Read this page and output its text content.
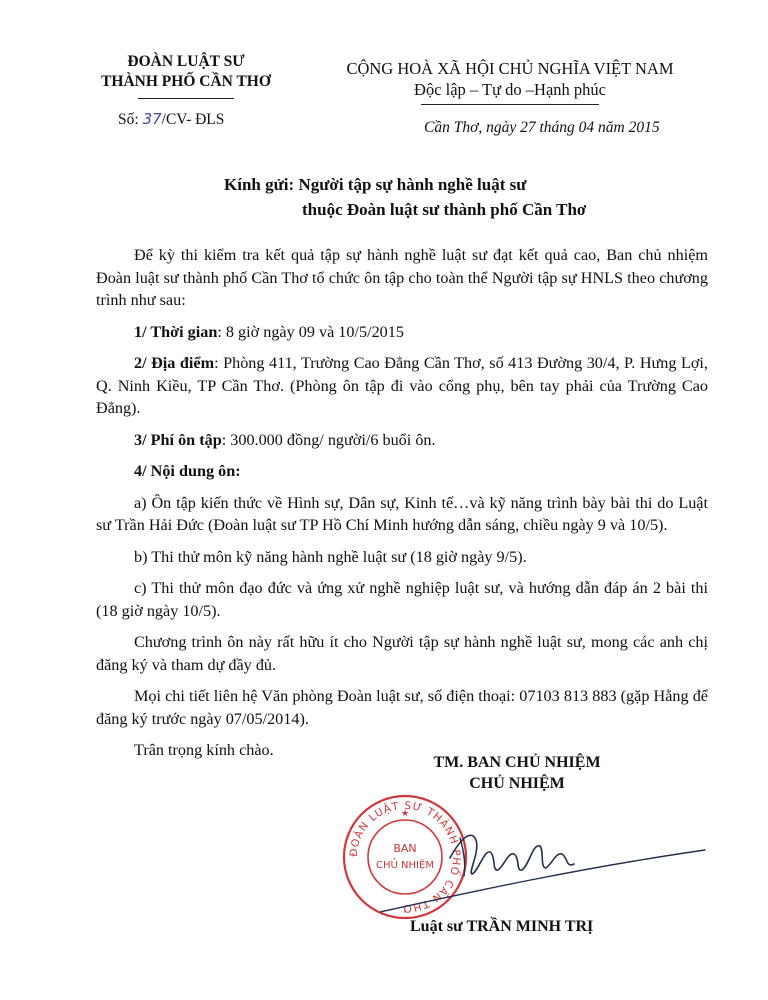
ĐOÀN LUẬT SƯ
THÀNH PHỐ CẦN THƠ
Số: 37/CV- ĐLS
CỘNG HOÀ XÃ HỘI CHỦ NGHĨA VIỆT NAM
Độc lập – Tự do –Hạnh phúc
Cần Thơ, ngày 27 tháng 04 năm 2015
Kính gửi: Người tập sự hành nghề luật sư
thuộc Đoàn luật sư thành phố Cần Thơ

Để kỳ thi kiểm tra kết quả tập sự hành nghề luật sư đạt kết quả cao, Ban chủ nhiệm Đoàn luật sư thành phố Cần Thơ tổ chức ôn tập cho toàn thể Người tập sự HNLS theo chương trình như sau:

1/ Thời gian: 8 giờ ngày 09 và 10/5/2015

2/ Địa điểm: Phòng 411, Trường Cao Đẳng Cần Thơ, số 413 Đường 30/4, P. Hưng Lợi, Q. Ninh Kiều, TP Cần Thơ. (Phòng ôn tập đi vào cổng phụ, bên tay phải của Trường Cao Đẳng).

3/ Phí ôn tập: 300.000 đồng/ người/6 buổi ôn.

4/ Nội dung ôn:

a) Ôn tập kiến thức về Hình sự, Dân sự, Kinh tế…và kỹ năng trình bày bài thi do Luật sư Trần Hải Đức (Đoàn luật sư TP Hồ Chí Minh hướng dẫn sáng, chiều ngày 9 và 10/5).

b) Thi thử môn kỹ năng hành nghề luật sư (18 giờ ngày 9/5).

c) Thi thử môn đạo đức và ứng xử nghề nghiệp luật sư, và hướng dẫn đáp án 2 bài thi (18 giờ ngày 10/5).

Chương trình ôn này rất hữu ít cho Người tập sự hành nghề luật sư, mong các anh chị đăng ký và tham dự đầy đủ.

Mọi chi tiết liên hệ Văn phòng Đoàn luật sư, số điện thoại: 07103 813 883 (gặp Hằng để đăng ký trước ngày 07/05/2014).

Trân trọng kính chào.

TM. BAN CHỦ NHIỆM
CHỦ NHIỆM
ĐOÀN LUẬT SƯ THÀNH PHỐ CẦN THƠ
BAN
CHỦ NHIỆM
★
Luật sư TRẦN MINH TRỊ
